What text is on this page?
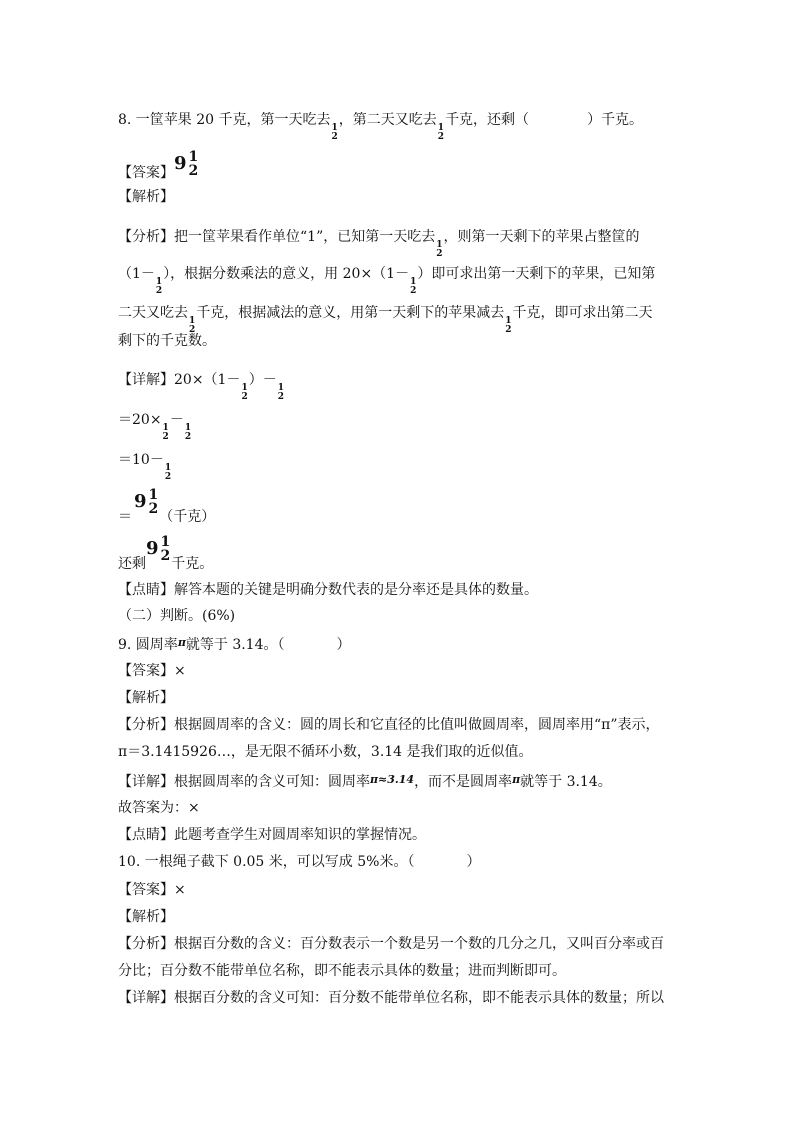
8. 一筐苹果 20 千克，第一天吃去 1
2
，第二天又吃去 1
2
千克，还剩（	）千克。
【答案】 9 1
2
【解析】
【分析】把一筐苹果看作单位“1”，已知第一天吃去 1
2
，则第一天剩下的苹果占整筐的
（1－ 1
2
），根据分数乘法的意义，用 20×（1－ 1
2
）即可求出第一天剩下的苹果，已知第
二天又吃去 1
2
千克，根据减法的意义，用第一天剩下的苹果减去 1
2
千克，即可求出第二天
剩下的千克数。
【详解】20×（1－ 1
2
）－ 1
2
＝20× 1
2
－ 1
2
＝10－ 1
2
＝
9 1
2 （千克）
还剩
9 1
2 千克。
【点睛】解答本题的关键是明确分数代表的是分率还是具体的数量。
（二）判断。(6%)
9. 圆周率$^\pi$就等于 3.14。（	）
【答案】×
【解析】
【分析】根据圆周率的含义：圆的周长和它直径的比值叫做圆周率，圆周率用“π”表示，
π＝3.1415926…，是无限不循环小数，3.14 是我们取的近似值。
【详解】根据圆周率的含义可知：圆周率$^{\pi\approx 3.14}$，而不是圆周率$^\pi$就等于 3.14。
故答案为：×
【点睛】此题考查学生对圆周率知识的掌握情况。
10. 一根绳子截下 0.05 米，可以写成 5%米。（	）
【答案】×
【解析】
【分析】根据百分数的含义：百分数表示一个数是另一个数的几分之几，又叫百分率或百
分比；百分数不能带单位名称，即不能表示具体的数量；进而判断即可。
【详解】根据百分数的含义可知：百分数不能带单位名称，即不能表示具体的数量；所以
